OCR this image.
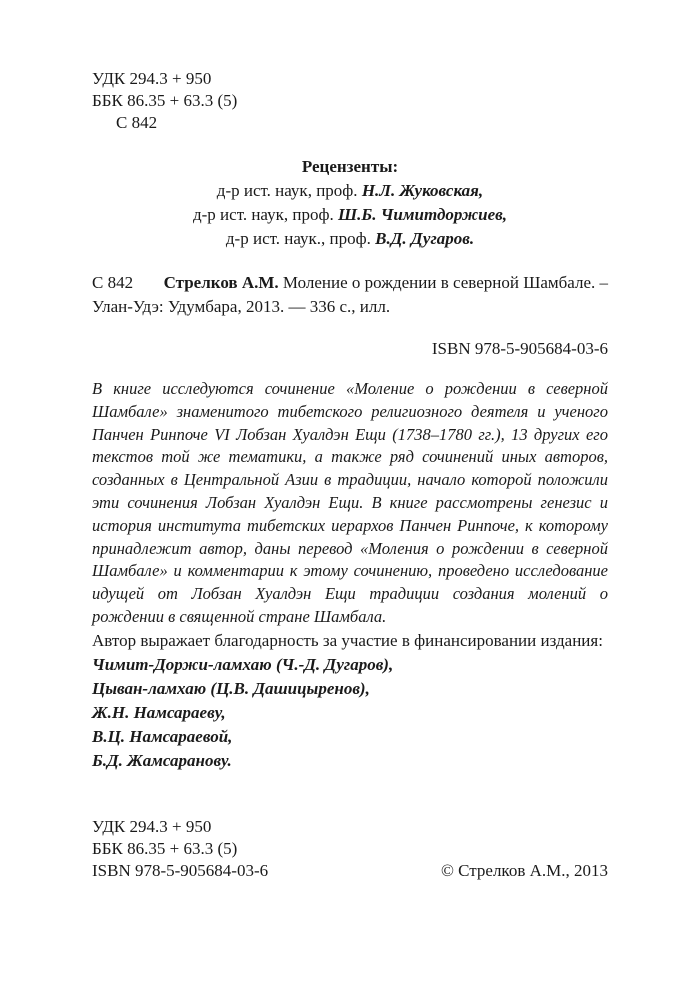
УДК 294.3 + 950
ББК 86.35 + 63.3 (5)
С 842
Рецензенты:
д-р ист. наук, проф. Н.Л. Жуковская,
д-р ист. наук, проф. Ш.Б. Чимитдоржиев,
д-р ист. наук., проф. В.Д. Дугаров.
С 842 Стрелков А.М. Моление о рождении в северной Шамбале. –
Улан-Удэ: Удумбара, 2013. — 336 с., илл.
ISBN 978-5-905684-03-6
В книге исследуются сочинение «Моление о рождении в северной Шамбале» знаменитого тибетского религиозного деятеля и ученого Панчен Ринпоче VI Лобзан Хуалдэн Ещи (1738–1780 гг.), 13 других его текстов той же тематики, а также ряд сочинений иных авторов, созданных в Центральной Азии в традиции, начало которой положили эти сочинения Лобзан Хуалдэн Ещи. В книге рассмотрены генезис и история института тибетских иерархов Панчен Ринпоче, к которому принадлежит автор, даны перевод «Моления о рождении в северной Шамбале» и комментарии к этому сочинению, проведено исследование идущей от Лобзан Хуалдэн Ещи традиции создания молений о рождении в священной стране Шамбала.
Автор выражает благодарность за участие в финансировании издания:
Чимит-Доржи-ламхаю (Ч.-Д. Дугаров),
Цыван-ламхаю (Ц.В. Дашицыренов),
Ж.Н. Намсараеву,
В.Ц. Намсараевой,
Б.Д. Жамсаранову.
УДК 294.3 + 950
ББК 86.35 + 63.3 (5)
ISBN 978-5-905684-03-6	© Стрелков А.М., 2013
